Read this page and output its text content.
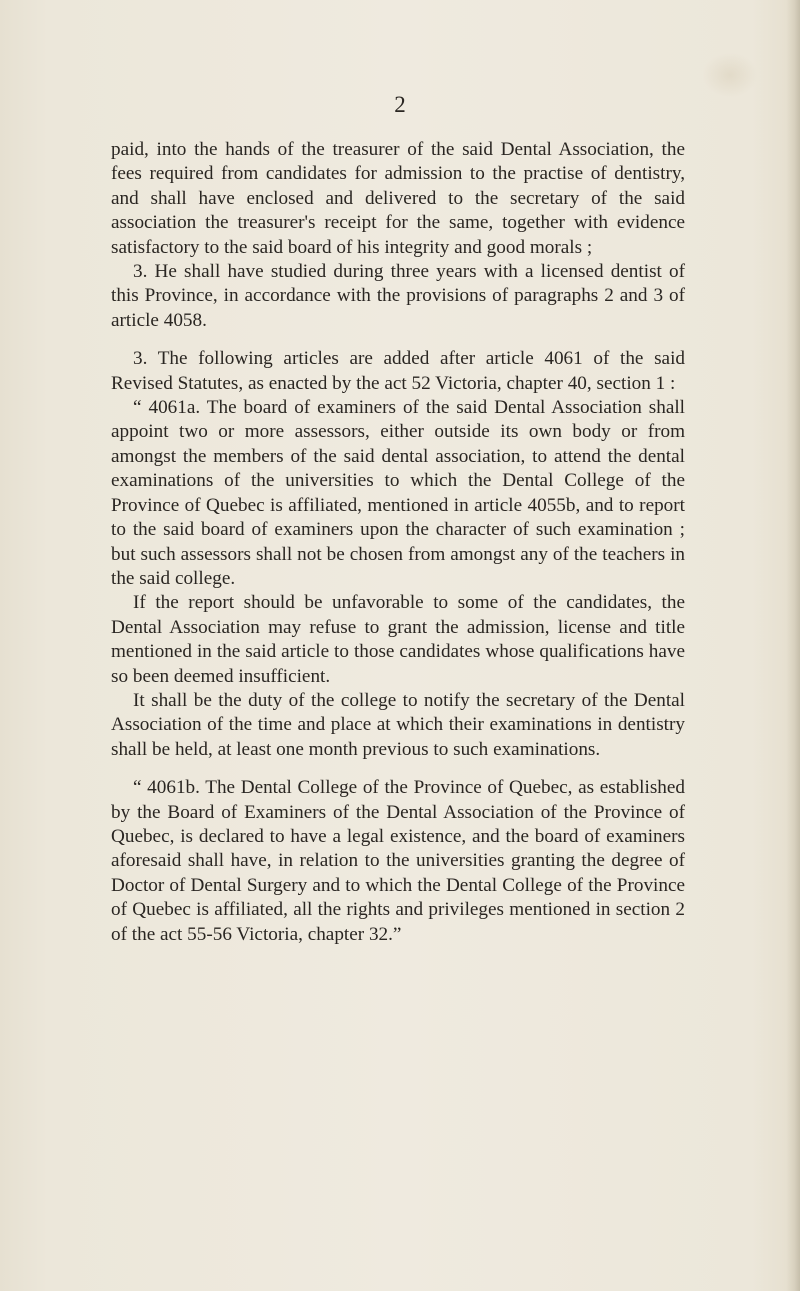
2

paid, into the hands of the treasurer of the said Dental Association, the fees required from candidates for admission to the practise of dentistry, and shall have enclosed and delivered to the secretary of the said association the treasurer's receipt for the same, together with evidence satisfactory to the said board of his integrity and good morals ;

3. He shall have studied during three years with a licensed dentist of this Province, in accordance with the provisions of paragraphs 2 and 3 of article 4058.

3. The following articles are added after article 4061 of the said Revised Statutes, as enacted by the act 52 Victoria, chapter 40, section 1 :

“ 4061a. The board of examiners of the said Dental Association shall appoint two or more assessors, either outside its own body or from amongst the members of the said dental association, to attend the dental examinations of the universities to which the Dental College of the Province of Quebec is affiliated, mentioned in article 4055b, and to report to the said board of examiners upon the character of such examination ; but such assessors shall not be chosen from amongst any of the teachers in the said college.

If the report should be unfavorable to some of the candidates, the Dental Association may refuse to grant the admission, license and title mentioned in the said article to those candidates whose qualifications have so been deemed insufficient.

It shall be the duty of the college to notify the secretary of the Dental Association of the time and place at which their examinations in dentistry shall be held, at least one month previous to such examinations.

“ 4061b. The Dental College of the Province of Quebec, as established by the Board of Examiners of the Dental Association of the Province of Quebec, is declared to have a legal existence, and the board of examiners aforesaid shall have, in relation to the universities granting the degree of Doctor of Dental Surgery and to which the Dental College of the Province of Quebec is affiliated, all the rights and privileges mentioned in section 2 of the act 55-56 Victoria, chapter 32.”
